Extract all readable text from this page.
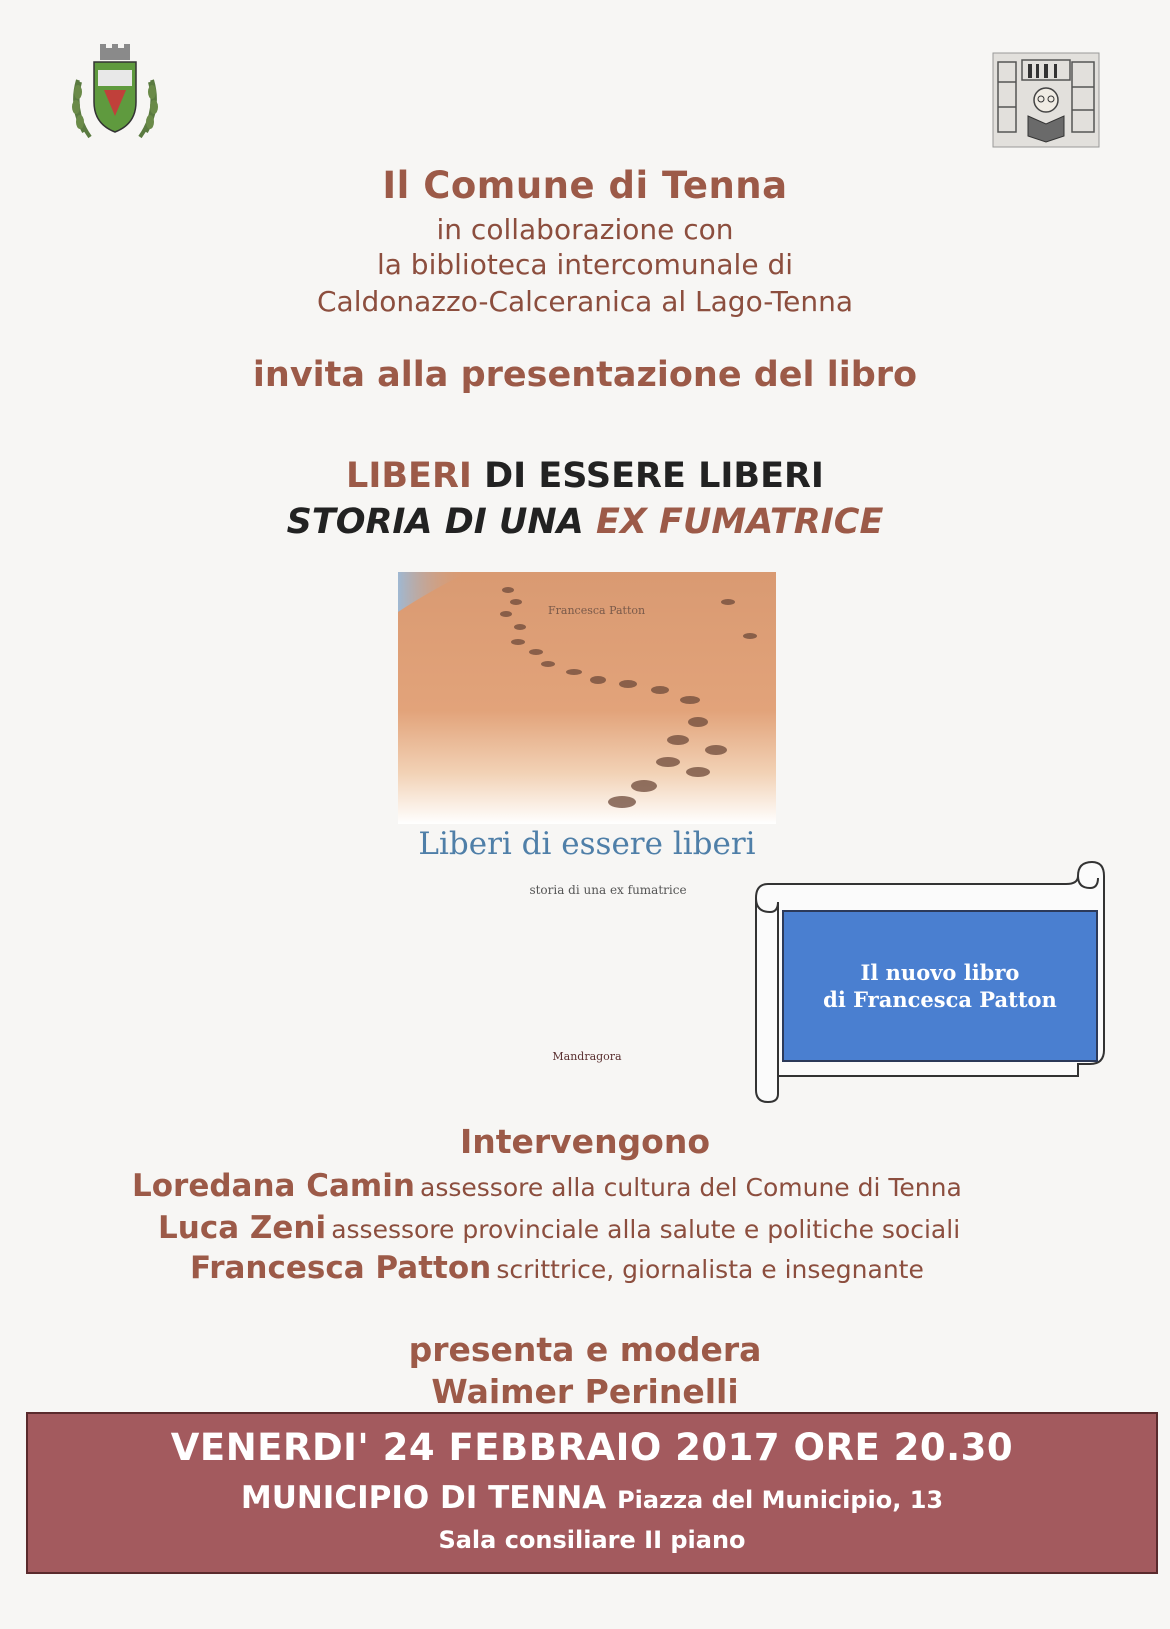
Il Comune di Tenna
in collaborazione con
la biblioteca intercomunale di
Caldonazzo-Calceranica al Lago-Tenna
invita alla presentazione del libro
LIBERI DI ESSERE LIBERI
STORIA DI UNA EX FUMATRICE
Francesca Patton
Liberi di essere liberi
storia di una ex fumatrice
Mandragora
Il nuovo libro
di Francesca Patton
Intervengono
Loredana Camin assessore alla cultura del Comune di Tenna
Luca Zeni assessore provinciale alla salute e politiche sociali
Francesca Patton scrittrice, giornalista e insegnante
presenta e modera
Waimer Perinelli
VENERDI' 24 FEBBRAIO 2017 ORE 20.30
MUNICIPIO DI TENNA Piazza del Municipio, 13
Sala consiliare II piano
